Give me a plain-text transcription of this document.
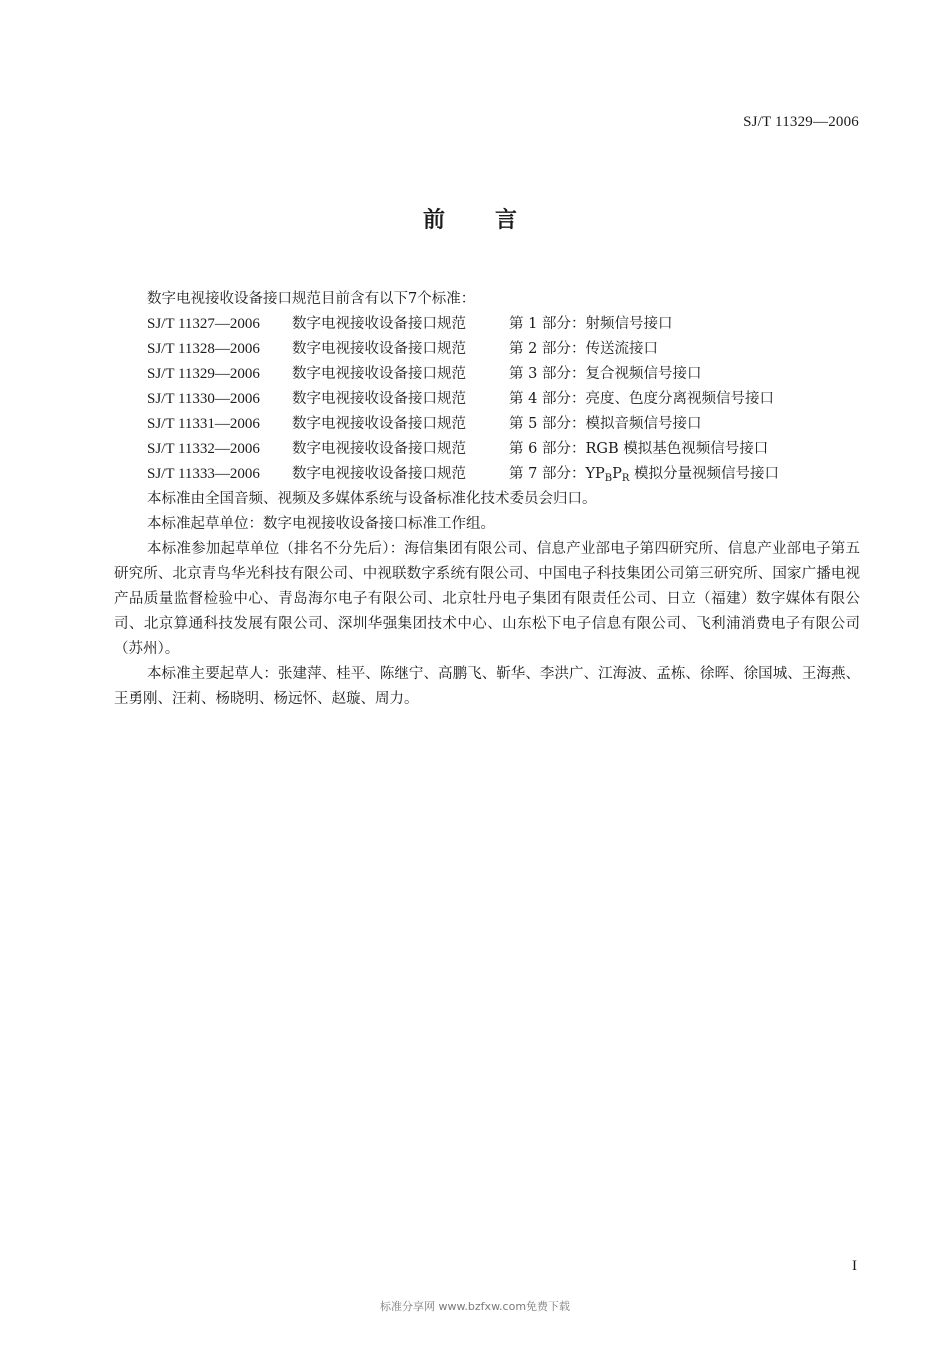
SJ/T 11329—2006
前言
数字电视接收设备接口规范目前含有以下7个标准：
SJ/T 11327—2006 数字电视接收设备接口规范	第 1 部分：射频信号接口
SJ/T 11328—2006 数字电视接收设备接口规范	第 2 部分：传送流接口
SJ/T 11329—2006 数字电视接收设备接口规范	第 3 部分：复合视频信号接口
SJ/T 11330—2006 数字电视接收设备接口规范	第 4 部分：亮度、色度分离视频信号接口
SJ/T 11331—2006 数字电视接收设备接口规范	第 5 部分：模拟音频信号接口
SJ/T 11332—2006 数字电视接收设备接口规范	第 6 部分：RGB 模拟基色视频信号接口
SJ/T 11333—2006 数字电视接收设备接口规范	第 7 部分：$YP_BP_R$ 模拟分量视频信号接口
本标准由全国音频、视频及多媒体系统与设备标准化技术委员会归口。
本标准起草单位：数字电视接收设备接口标准工作组。
本标准参加起草单位（排名不分先后）：海信集团有限公司、信息产业部电子第四研究所、信息产业部电子第五研究所、北京青鸟华光科技有限公司、中视联数字系统有限公司、中国电子科技集团公司第三研究所、国家广播电视产品质量监督检验中心、青岛海尔电子有限公司、北京牡丹电子集团有限责任公司、日立（福建）数字媒体有限公司、北京算通科技发展有限公司、深圳华强集团技术中心、山东松下电子信息有限公司、飞利浦消费电子有限公司（苏州）。
本标准主要起草人：张建萍、桂平、陈继宁、高鹏飞、靳华、李洪广、江海波、孟栋、徐晖、徐国城、王海燕、王勇刚、汪莉、杨晓明、杨远怀、赵璇、周力。
I
标准分享网 www.bzfxw.com免费下载
